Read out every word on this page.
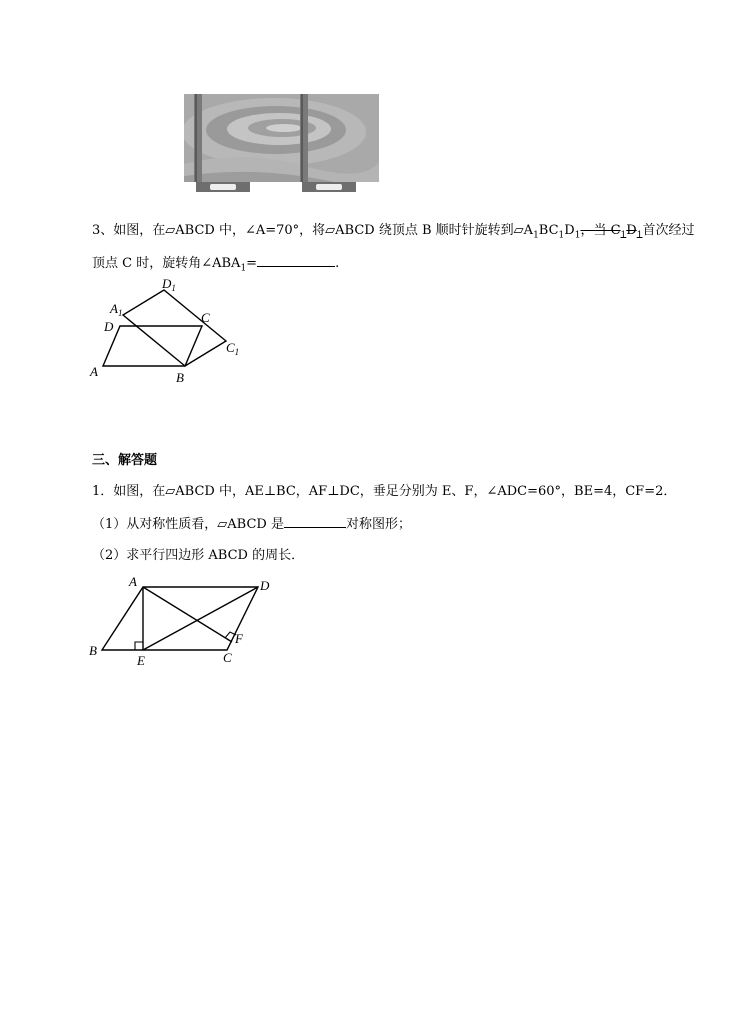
3、如图，在▱ABCD 中，∠A=70°，将▱ABCD 绕顶点 B 顺时针旋转到$▱A_1BC_1D_1$，当 $C_1D_1$首次经过
顶点 C 时，旋转角$\angle ABA_1=$	.
$D_1$
$A_1$
D
C
$C_1$
A	B
三、解答题
1．如图，在▱ABCD 中，AE⊥BC，AF⊥DC，垂足分别为 E、F，∠ADC=60°，BE=4，CF=2．
（1）从对称性质看，▱ABCD 是	对称图形；
（2）求平行四边形 ABCD 的周长．
A	D
B
E	C
F
